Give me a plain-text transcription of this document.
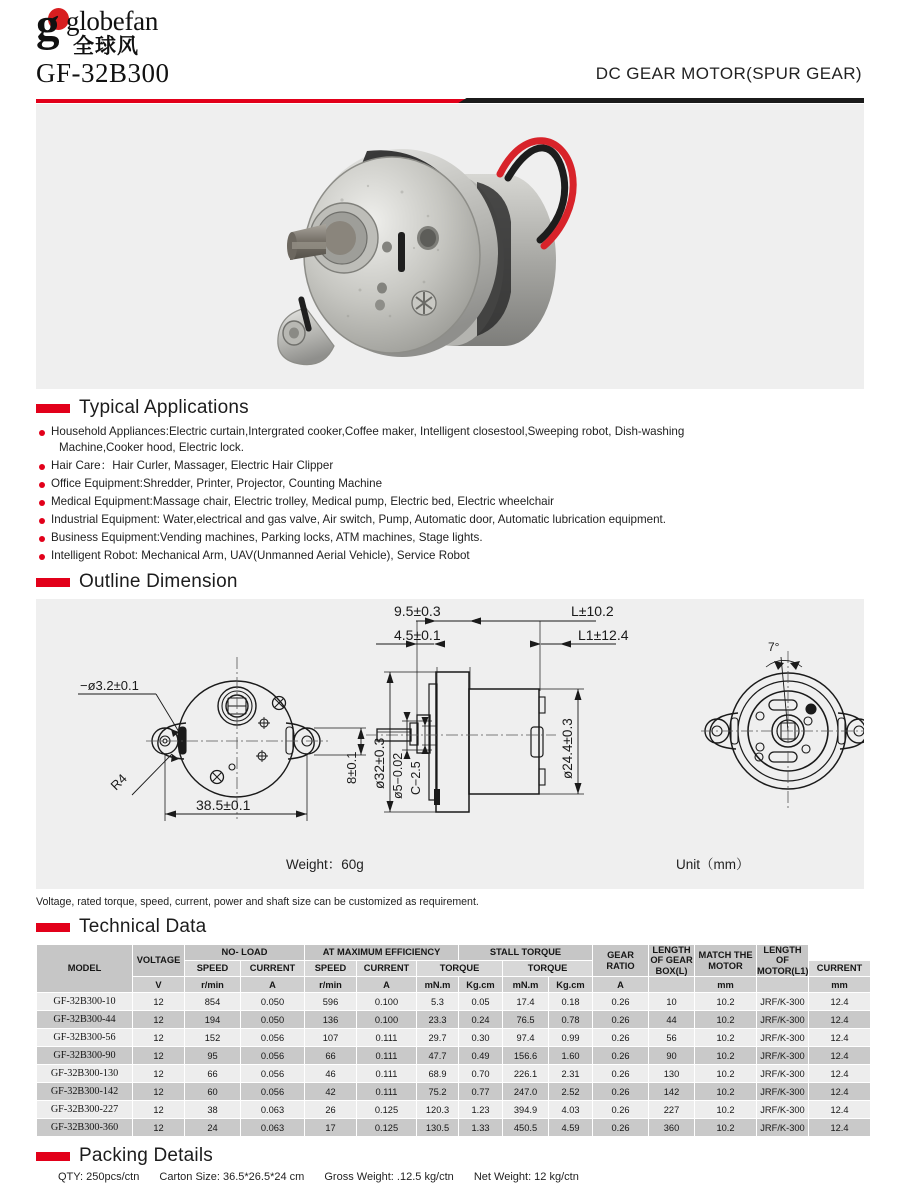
g globefan
全球风
GF-32B300	DC GEAR MOTOR(SPUR GEAR)
Typical Applications
Household Appliances:Electric curtain,Intergrated cooker,Coffee maker, Intelligent closestool,Sweeping robot, Dish-washing
Machine,Cooker hood, Electric lock.
Hair Care：Hair Curler, Massager, Electric Hair Clipper
Office Equipment:Shredder, Printer, Projector, Counting Machine
Medical Equipment:Massage chair, Electric trolley, Medical pump, Electric bed, Electric wheelchair
Industrial Equipment: Water,electrical and gas valve, Air switch, Pump, Automatic door, Automatic lubrication equipment.
Business Equipment:Vending machines, Parking locks, ATM machines, Stage lights.
Intelligent Robot: Mechanical Arm, UAV(Unmanned Aerial Vehicle), Service Robot
Outline Dimension
−ø3.2±0.1
R4
38.5±0.1
8±0.1
9.5±0.3
4.5±0.1
L±10.2
L1±12.4
ø32±0.3 ø5−0.02 C−2.5	ø24.4±0.3
7°
Weight：60g	Unit（mm）
Voltage, rated torque, speed, current, power and shaft size can be customized as requirement.
Technical Data
MODEL	VOLTAGE	NO- LOAD		AT MAXIMUM EFFICIENCY			STALL TORQUE			GEAR RATIO	LENGTH OF GEAR BOX(L)	MATCH THE MOTOR	LENGTH OF MOTOR(L1)	
		SPEED	CURRENT	SPEED	CURRENT	TORQUE		TORQUE						CURRENT
	V	r/min	A	r/min	A	mN.m	Kg.cm	mN.m	Kg.cm	A		mm		mm
GF-32B300-10	12	854	0.050	596	0.100	5.3	0.05	17.4	0.18	0.26	10	10.2	JRF/K-300	12.4
GF-32B300-44	12	194	0.050	136	0.100	23.3	0.24	76.5	0.78	0.26	44	10.2	JRF/K-300	12.4
GF-32B300-56	12	152	0.056	107	0.111	29.7	0.30	97.4	0.99	0.26	56	10.2	JRF/K-300	12.4
GF-32B300-90	12	95	0.056	66	0.111	47.7	0.49	156.6	1.60	0.26	90	10.2	JRF/K-300	12.4
GF-32B300-130	12	66	0.056	46	0.111	68.9	0.70	226.1	2.31	0.26	130	10.2	JRF/K-300	12.4
GF-32B300-142	12	60	0.056	42	0.111	75.2	0.77	247.0	2.52	0.26	142	10.2	JRF/K-300	12.4
GF-32B300-227	12	38	0.063	26	0.125	120.3	1.23	394.9	4.03	0.26	227	10.2	JRF/K-300	12.4
GF-32B300-360	12	24	0.063	17	0.125	130.5	1.33	450.5	4.59	0.26	360	10.2	JRF/K-300	12.4
Packing Details
QTY: 250pcs/ctn Carton Size: 36.5*26.5*24 cm Gross Weight: .12.5 kg/ctn Net Weight: 12 kg/ctn
